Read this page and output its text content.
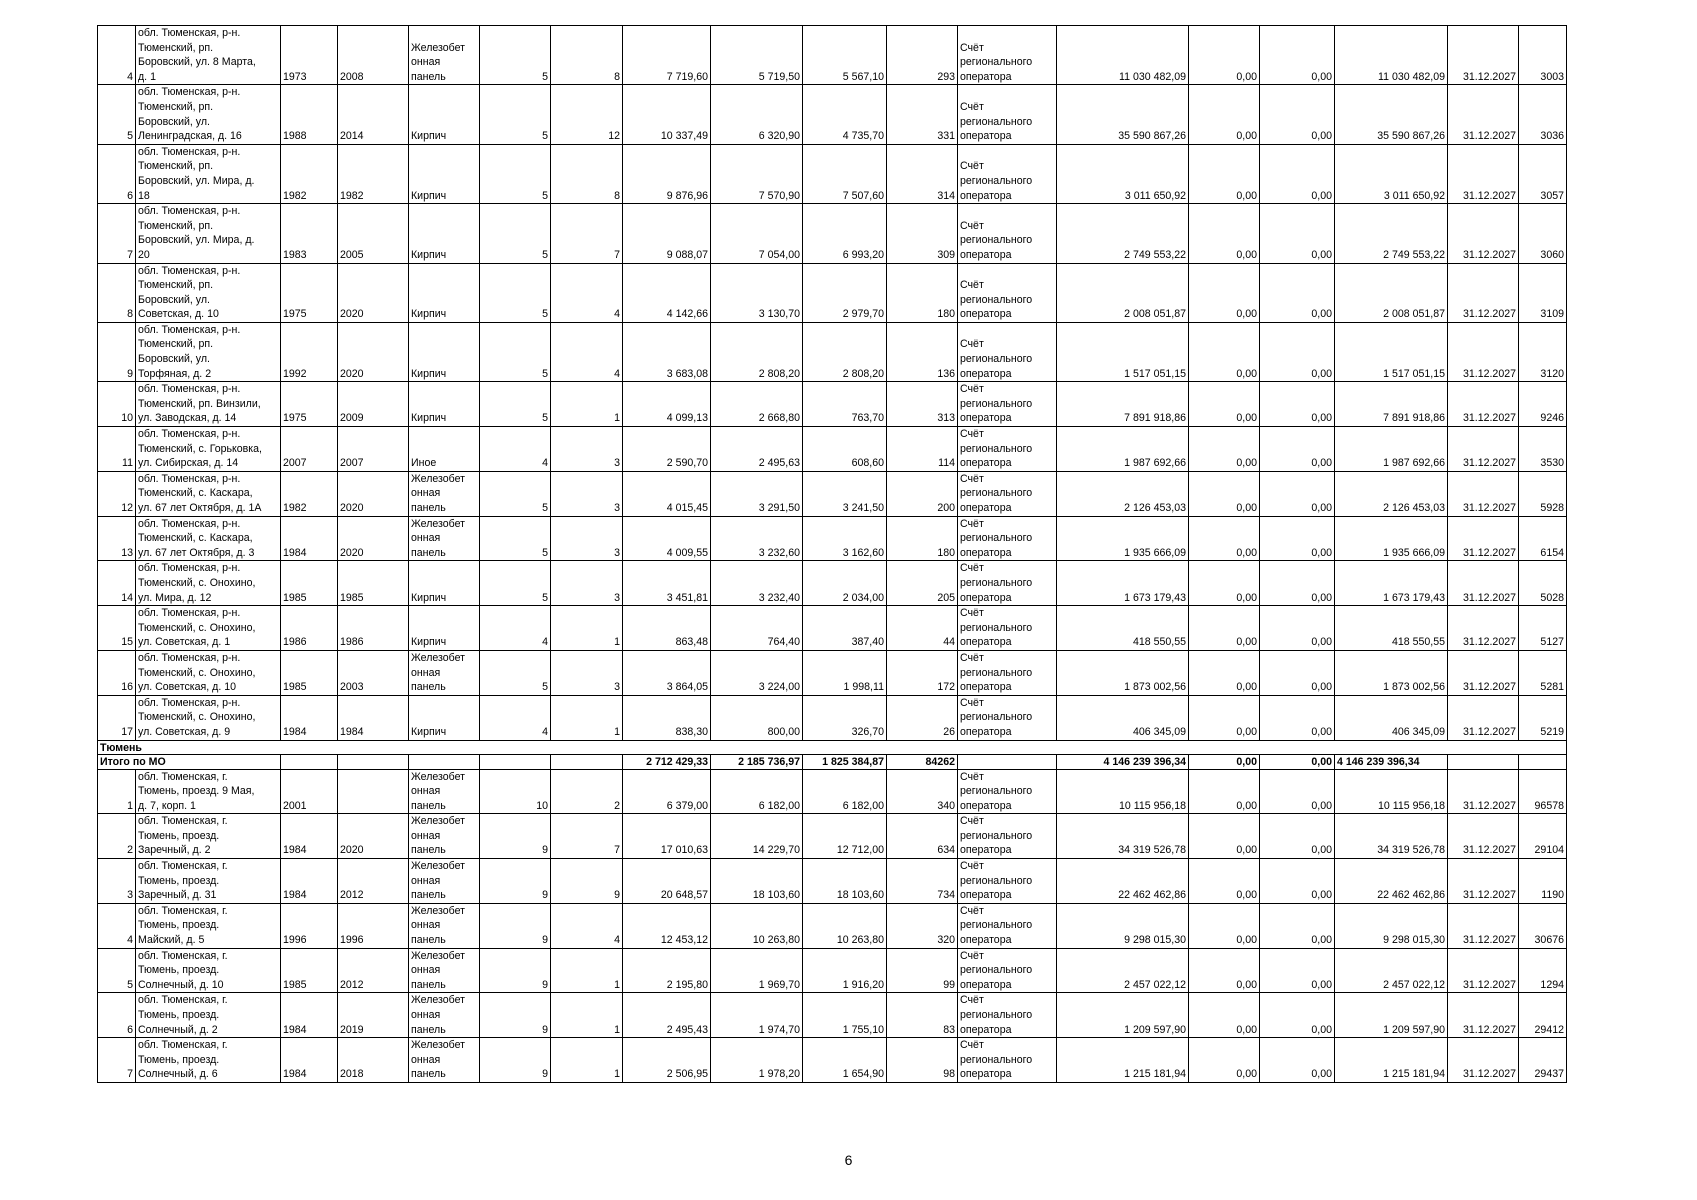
4	обл. Тюменская, р-н.
Тюменский, рп.
Боровский, ул. 8 Марта,
д. 1	1973	2008	Железобет
онная
панель	5	8	7 719,60	5 719,50	5 567,10	293	Счёт
регионального
оператора	11 030 482,09	0,00	0,00	11 030 482,09	31.12.2027	3003
5	обл. Тюменская, р-н.
Тюменский, рп.
Боровский, ул.
Ленинградская, д. 16	1988	2014	Кирпич	5	12	10 337,49	6 320,90	4 735,70	331	Счёт
регионального
оператора	35 590 867,26	0,00	0,00	35 590 867,26	31.12.2027	3036
6	обл. Тюменская, р-н.
Тюменский, рп.
Боровский, ул. Мира, д.
18	1982	1982	Кирпич	5	8	9 876,96	7 570,90	7 507,60	314	Счёт
регионального
оператора	3 011 650,92	0,00	0,00	3 011 650,92	31.12.2027	3057
7	обл. Тюменская, р-н.
Тюменский, рп.
Боровский, ул. Мира, д.
20	1983	2005	Кирпич	5	7	9 088,07	7 054,00	6 993,20	309	Счёт
регионального
оператора	2 749 553,22	0,00	0,00	2 749 553,22	31.12.2027	3060
8	обл. Тюменская, р-н.
Тюменский, рп.
Боровский, ул.
Советская, д. 10	1975	2020	Кирпич	5	4	4 142,66	3 130,70	2 979,70	180	Счёт
регионального
оператора	2 008 051,87	0,00	0,00	2 008 051,87	31.12.2027	3109
9	обл. Тюменская, р-н.
Тюменский, рп.
Боровский, ул.
Торфяная, д. 2	1992	2020	Кирпич	5	4	3 683,08	2 808,20	2 808,20	136	Счёт
регионального
оператора	1 517 051,15	0,00	0,00	1 517 051,15	31.12.2027	3120
10	обл. Тюменская, р-н.
Тюменский, рп. Винзили,
ул. Заводская, д. 14	1975	2009	Кирпич	5	1	4 099,13	2 668,80	763,70	313	Счёт
регионального
оператора	7 891 918,86	0,00	0,00	7 891 918,86	31.12.2027	9246
11	обл. Тюменская, р-н.
Тюменский, с. Горьковка,
ул. Сибирская, д. 14	2007	2007	Иное	4	3	2 590,70	2 495,63	608,60	114	Счёт
регионального
оператора	1 987 692,66	0,00	0,00	1 987 692,66	31.12.2027	3530
12	обл. Тюменская, р-н.
Тюменский, с. Каскара,
ул. 67 лет Октября, д. 1А	1982	2020	Железобет
онная
панель	5	3	4 015,45	3 291,50	3 241,50	200	Счёт
регионального
оператора	2 126 453,03	0,00	0,00	2 126 453,03	31.12.2027	5928
13	обл. Тюменская, р-н.
Тюменский, с. Каскара,
ул. 67 лет Октября, д. 3	1984	2020	Железобет
онная
панель	5	3	4 009,55	3 232,60	3 162,60	180	Счёт
регионального
оператора	1 935 666,09	0,00	0,00	1 935 666,09	31.12.2027	6154
14	обл. Тюменская, р-н.
Тюменский, с. Онохино,
ул. Мира, д. 12	1985	1985	Кирпич	5	3	3 451,81	3 232,40	2 034,00	205	Счёт
регионального
оператора	1 673 179,43	0,00	0,00	1 673 179,43	31.12.2027	5028
15	обл. Тюменская, р-н.
Тюменский, с. Онохино,
ул. Советская, д. 1	1986	1986	Кирпич	4	1	863,48	764,40	387,40	44	Счёт
регионального
оператора	418 550,55	0,00	0,00	418 550,55	31.12.2027	5127
16	обл. Тюменская, р-н.
Тюменский, с. Онохино,
ул. Советская, д. 10	1985	2003	Железобет
онная
панель	5	3	3 864,05	3 224,00	1 998,11	172	Счёт
регионального
оператора	1 873 002,56	0,00	0,00	1 873 002,56	31.12.2027	5281
17	обл. Тюменская, р-н.
Тюменский, с. Онохино,
ул. Советская, д. 9	1984	1984	Кирпич	4	1	838,30	800,00	326,70	26	Счёт
регионального
оператора	406 345,09	0,00	0,00	406 345,09	31.12.2027	5219
Тюмень																	
Итого по МО							2 712 429,33	2 185 736,97	1 825 384,87	84262		4 146 239 396,34	0,00	0,00	4 146 239 396,34		
1	обл. Тюменская, г.
Тюмень, проезд. 9 Мая,
д. 7, корп. 1	2001		Железобет
онная
панель	10	2	6 379,00	6 182,00	6 182,00	340	Счёт
регионального
оператора	10 115 956,18	0,00	0,00	10 115 956,18	31.12.2027	96578
2	обл. Тюменская, г.
Тюмень, проезд.
Заречный, д. 2	1984	2020	Железобет
онная
панель	9	7	17 010,63	14 229,70	12 712,00	634	Счёт
регионального
оператора	34 319 526,78	0,00	0,00	34 319 526,78	31.12.2027	29104
3	обл. Тюменская, г.
Тюмень, проезд.
Заречный, д. 31	1984	2012	Железобет
онная
панель	9	9	20 648,57	18 103,60	18 103,60	734	Счёт
регионального
оператора	22 462 462,86	0,00	0,00	22 462 462,86	31.12.2027	1190
4	обл. Тюменская, г.
Тюмень, проезд.
Майский, д. 5	1996	1996	Железобет
онная
панель	9	4	12 453,12	10 263,80	10 263,80	320	Счёт
регионального
оператора	9 298 015,30	0,00	0,00	9 298 015,30	31.12.2027	30676
5	обл. Тюменская, г.
Тюмень, проезд.
Солнечный, д. 10	1985	2012	Железобет
онная
панель	9	1	2 195,80	1 969,70	1 916,20	99	Счёт
регионального
оператора	2 457 022,12	0,00	0,00	2 457 022,12	31.12.2027	1294
6	обл. Тюменская, г.
Тюмень, проезд.
Солнечный, д. 2	1984	2019	Железобет
онная
панель	9	1	2 495,43	1 974,70	1 755,10	83	Счёт
регионального
оператора	1 209 597,90	0,00	0,00	1 209 597,90	31.12.2027	29412
7	обл. Тюменская, г.
Тюмень, проезд.
Солнечный, д. 6	1984	2018	Железобет
онная
панель	9	1	2 506,95	1 978,20	1 654,90	98	Счёт
регионального
оператора	1 215 181,94	0,00	0,00	1 215 181,94	31.12.2027	29437
6
